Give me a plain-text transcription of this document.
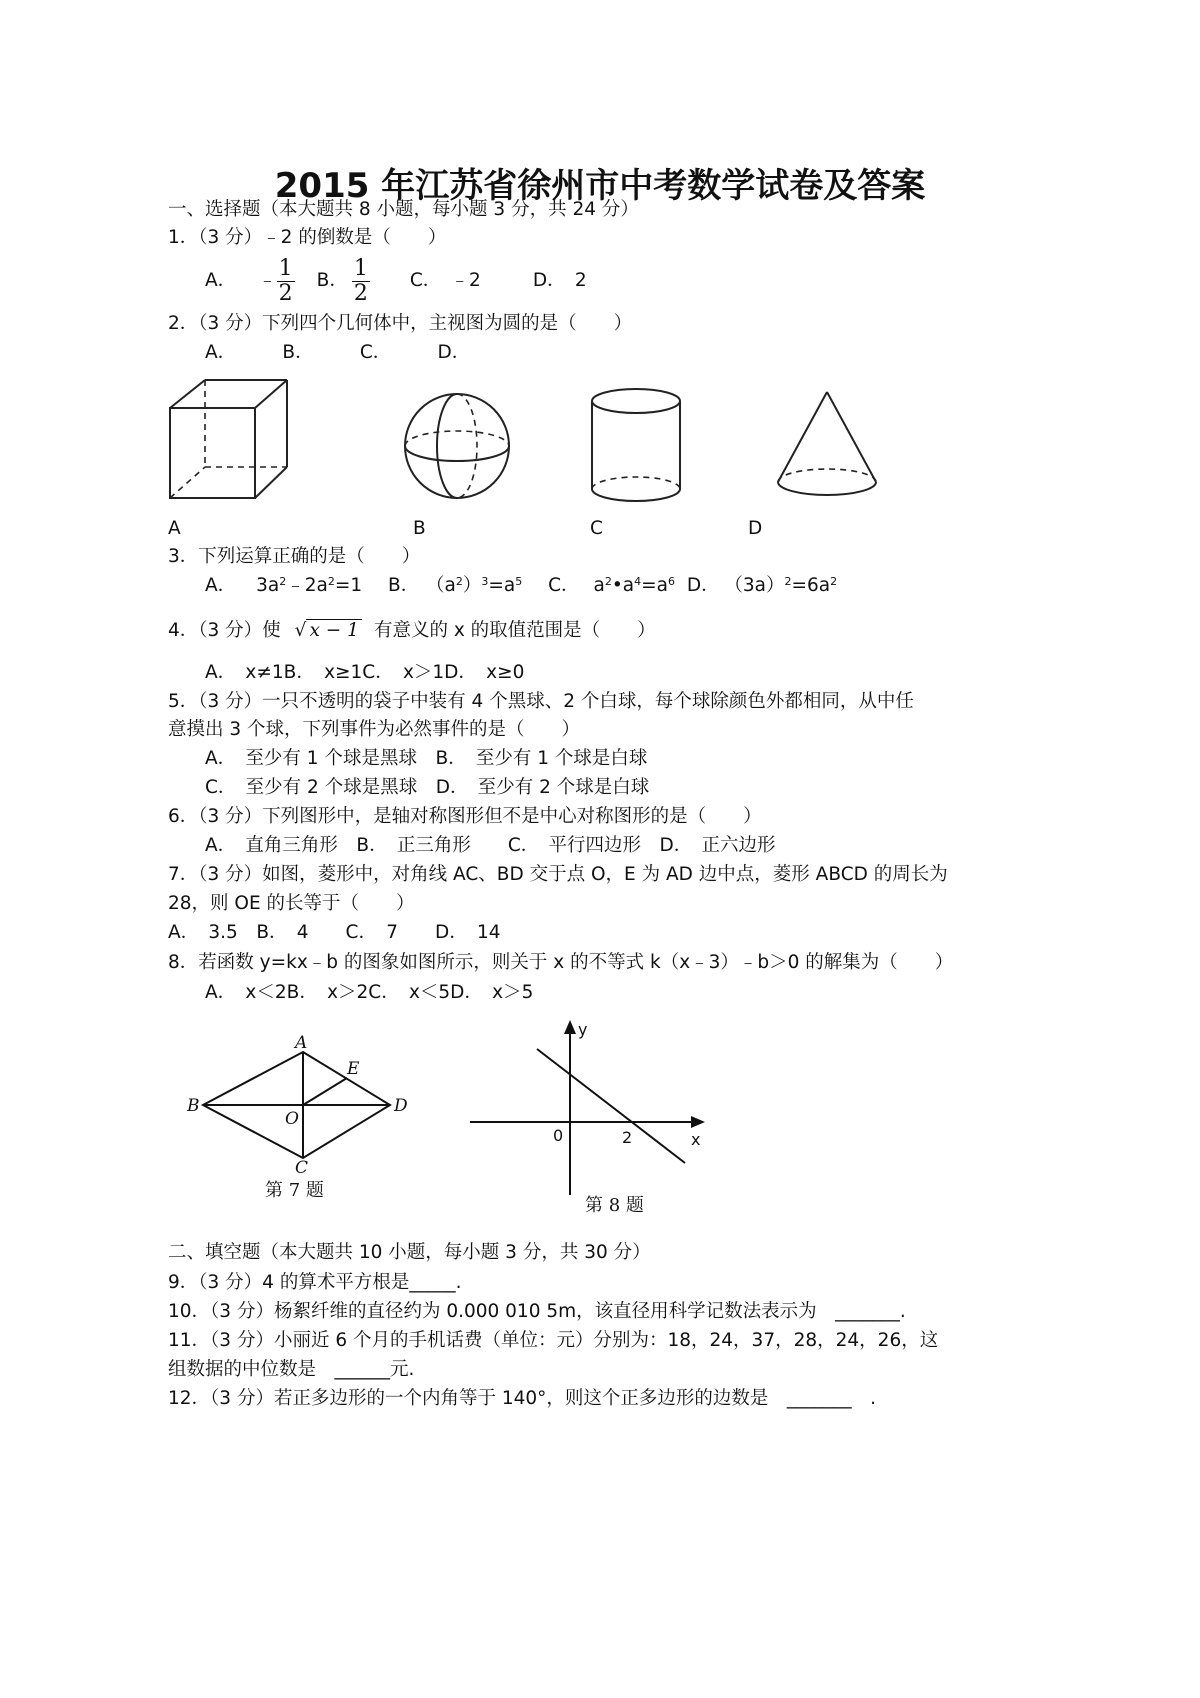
2015 年江苏省徐州市中考数学试卷及答案
一、选择题（本大题共 8 小题，每小题 3 分，共 24 分）
1．（3 分）﹣2 的倒数是（　　）
A． ﹣ $\frac{1}{2}$ B． $\frac{1}{2}$ C．　﹣2	D．　2
2．（3 分）下列四个几何体中，主视图为圆的是（　　）
A．　　　B．　　　C．　　　D．
A	B	C	D
3．下列运算正确的是（　　）
A． $3a^2﹣2a^2=1$ B． $(a^2)^3=a^5$ C． $a^2•a^4=a^6$ D． $(3a)^2=6a^2$
4．（3 分）使 √ x − 1 有意义的 x 的取值范围是（　　）
A．　x≠1B．　x≥1C．　x＞1D．　x≥0
5．（3 分）一只不透明的袋子中装有 4 个黑球、2 个白球，每个球除颜色外都相同，从中任
意摸出 3 个球，下列事件为必然事件的是（　　）
A．　至少有 1 个球是黑球　B．　至少有 1 个球是白球
C．　至少有 2 个球是黑球　D．　至少有 2 个球是白球
6．（3 分）下列图形中，是轴对称图形但不是中心对称图形的是（　　）
A．　直角三角形　B．　正三角形　　C．　平行四边形　D．　正六边形
7．（3 分）如图，菱形中，对角线 AC、BD 交于点 O，E 为 AD 边中点，菱形 ABCD 的周长为
28，则 OE 的长等于（　　）
A．　3.5　B．　4　　C．　7　　D．　14
8．若函数 y=kx﹣b 的图象如图所示，则关于 x 的不等式 k（x﹣3）﹣b＞0 的解集为（　　）
A．　x＜2B．　x＞2C．　x＜5D．　x＞5
A
B
C
D
E
O
第 7 题
y
x
0	2
第 8 题
二、填空题（本大题共 10 小题，每小题 3 分，共 30 分）
9．（3 分）4 的算术平方根是_____.
10．（3 分）杨絮纤维的直径约为 0.000 010 5m，该直径用科学记数法表示为　_______.
11．（3 分）小丽近 6 个月的手机话费（单位：元）分别为：18，24，37，28，24，26，这
组数据的中位数是　______元.
12．（3 分）若正多边形的一个内角等于 140°，则这个正多边形的边数是　_______　.
